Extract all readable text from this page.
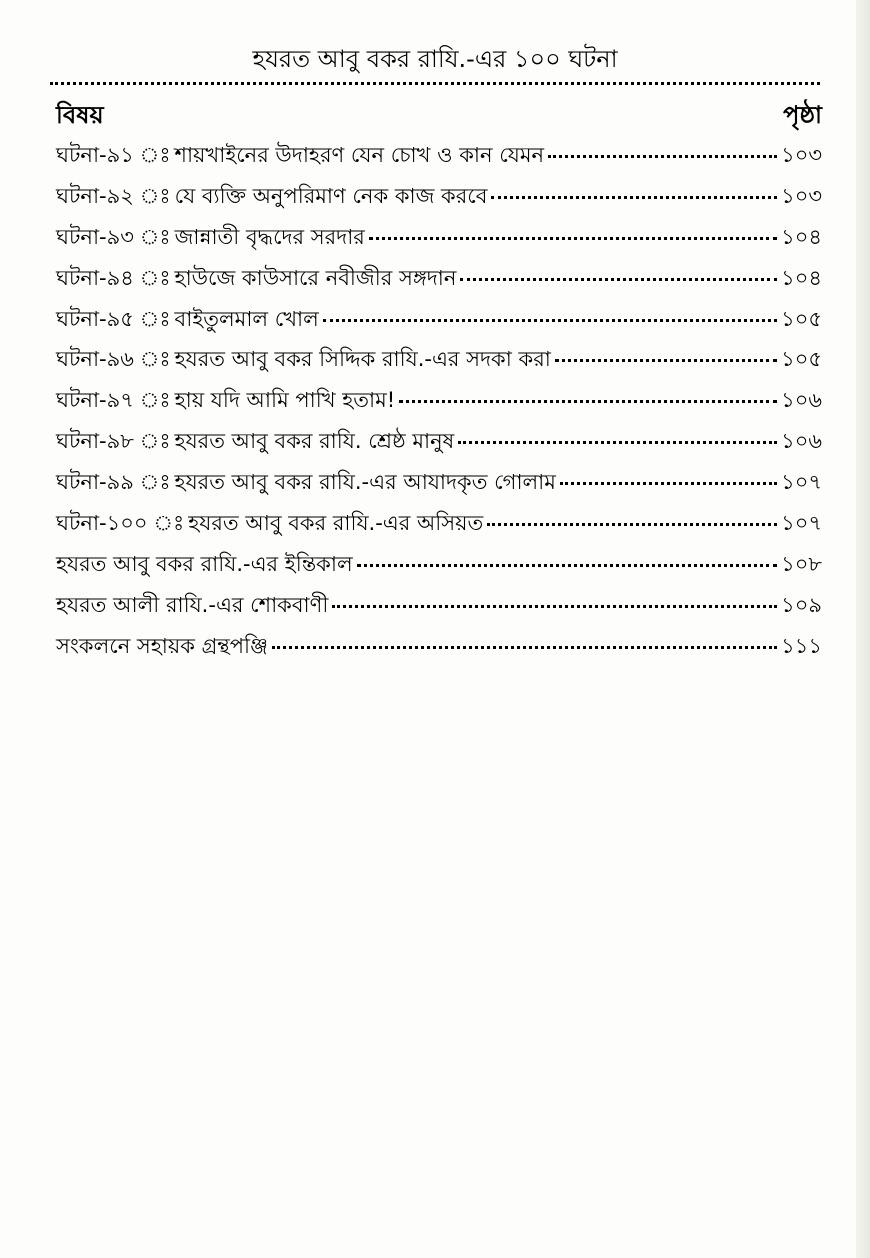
হযরত আবু বকর রাযি.-এর ১০০ ঘটনা
বিষয়	পৃষ্ঠা
ঘটনা-৯১ ঃ শায়খাইনের উদাহরণ যেন চোখ ও কান যেমন	১০৩
ঘটনা-৯২ ঃ যে ব্যক্তি অনুপরিমাণ নেক কাজ করবে	১০৩
ঘটনা-৯৩ ঃ জান্নাতী বৃদ্ধদের সরদার	১০৪
ঘটনা-৯৪ ঃ হাউজে কাউসারে নবীজীর সঙ্গদান	১০৪
ঘটনা-৯৫ ঃ বাইতুলমাল খোল	১০৫
ঘটনা-৯৬ ঃ হযরত আবু বকর সিদ্দিক রাযি.-এর সদকা করা	১০৫
ঘটনা-৯৭ ঃ হায় যদি আমি পাখি হতাম!	১০৬
ঘটনা-৯৮ ঃ হযরত আবু বকর রাযি. শ্রেষ্ঠ মানুষ	১০৬
ঘটনা-৯৯ ঃ হযরত আবু বকর রাযি.-এর আযাদকৃত গোলাম	১০৭
ঘটনা-১০০ ঃ হযরত আবু বকর রাযি.-এর অসিয়ত	১০৭
হযরত আবু বকর রাযি.-এর ইন্তিকাল	১০৮
হযরত আলী রাযি.-এর শোকবাণী	১০৯
সংকলনে সহায়ক গ্রন্থপঞ্জি	১১১
